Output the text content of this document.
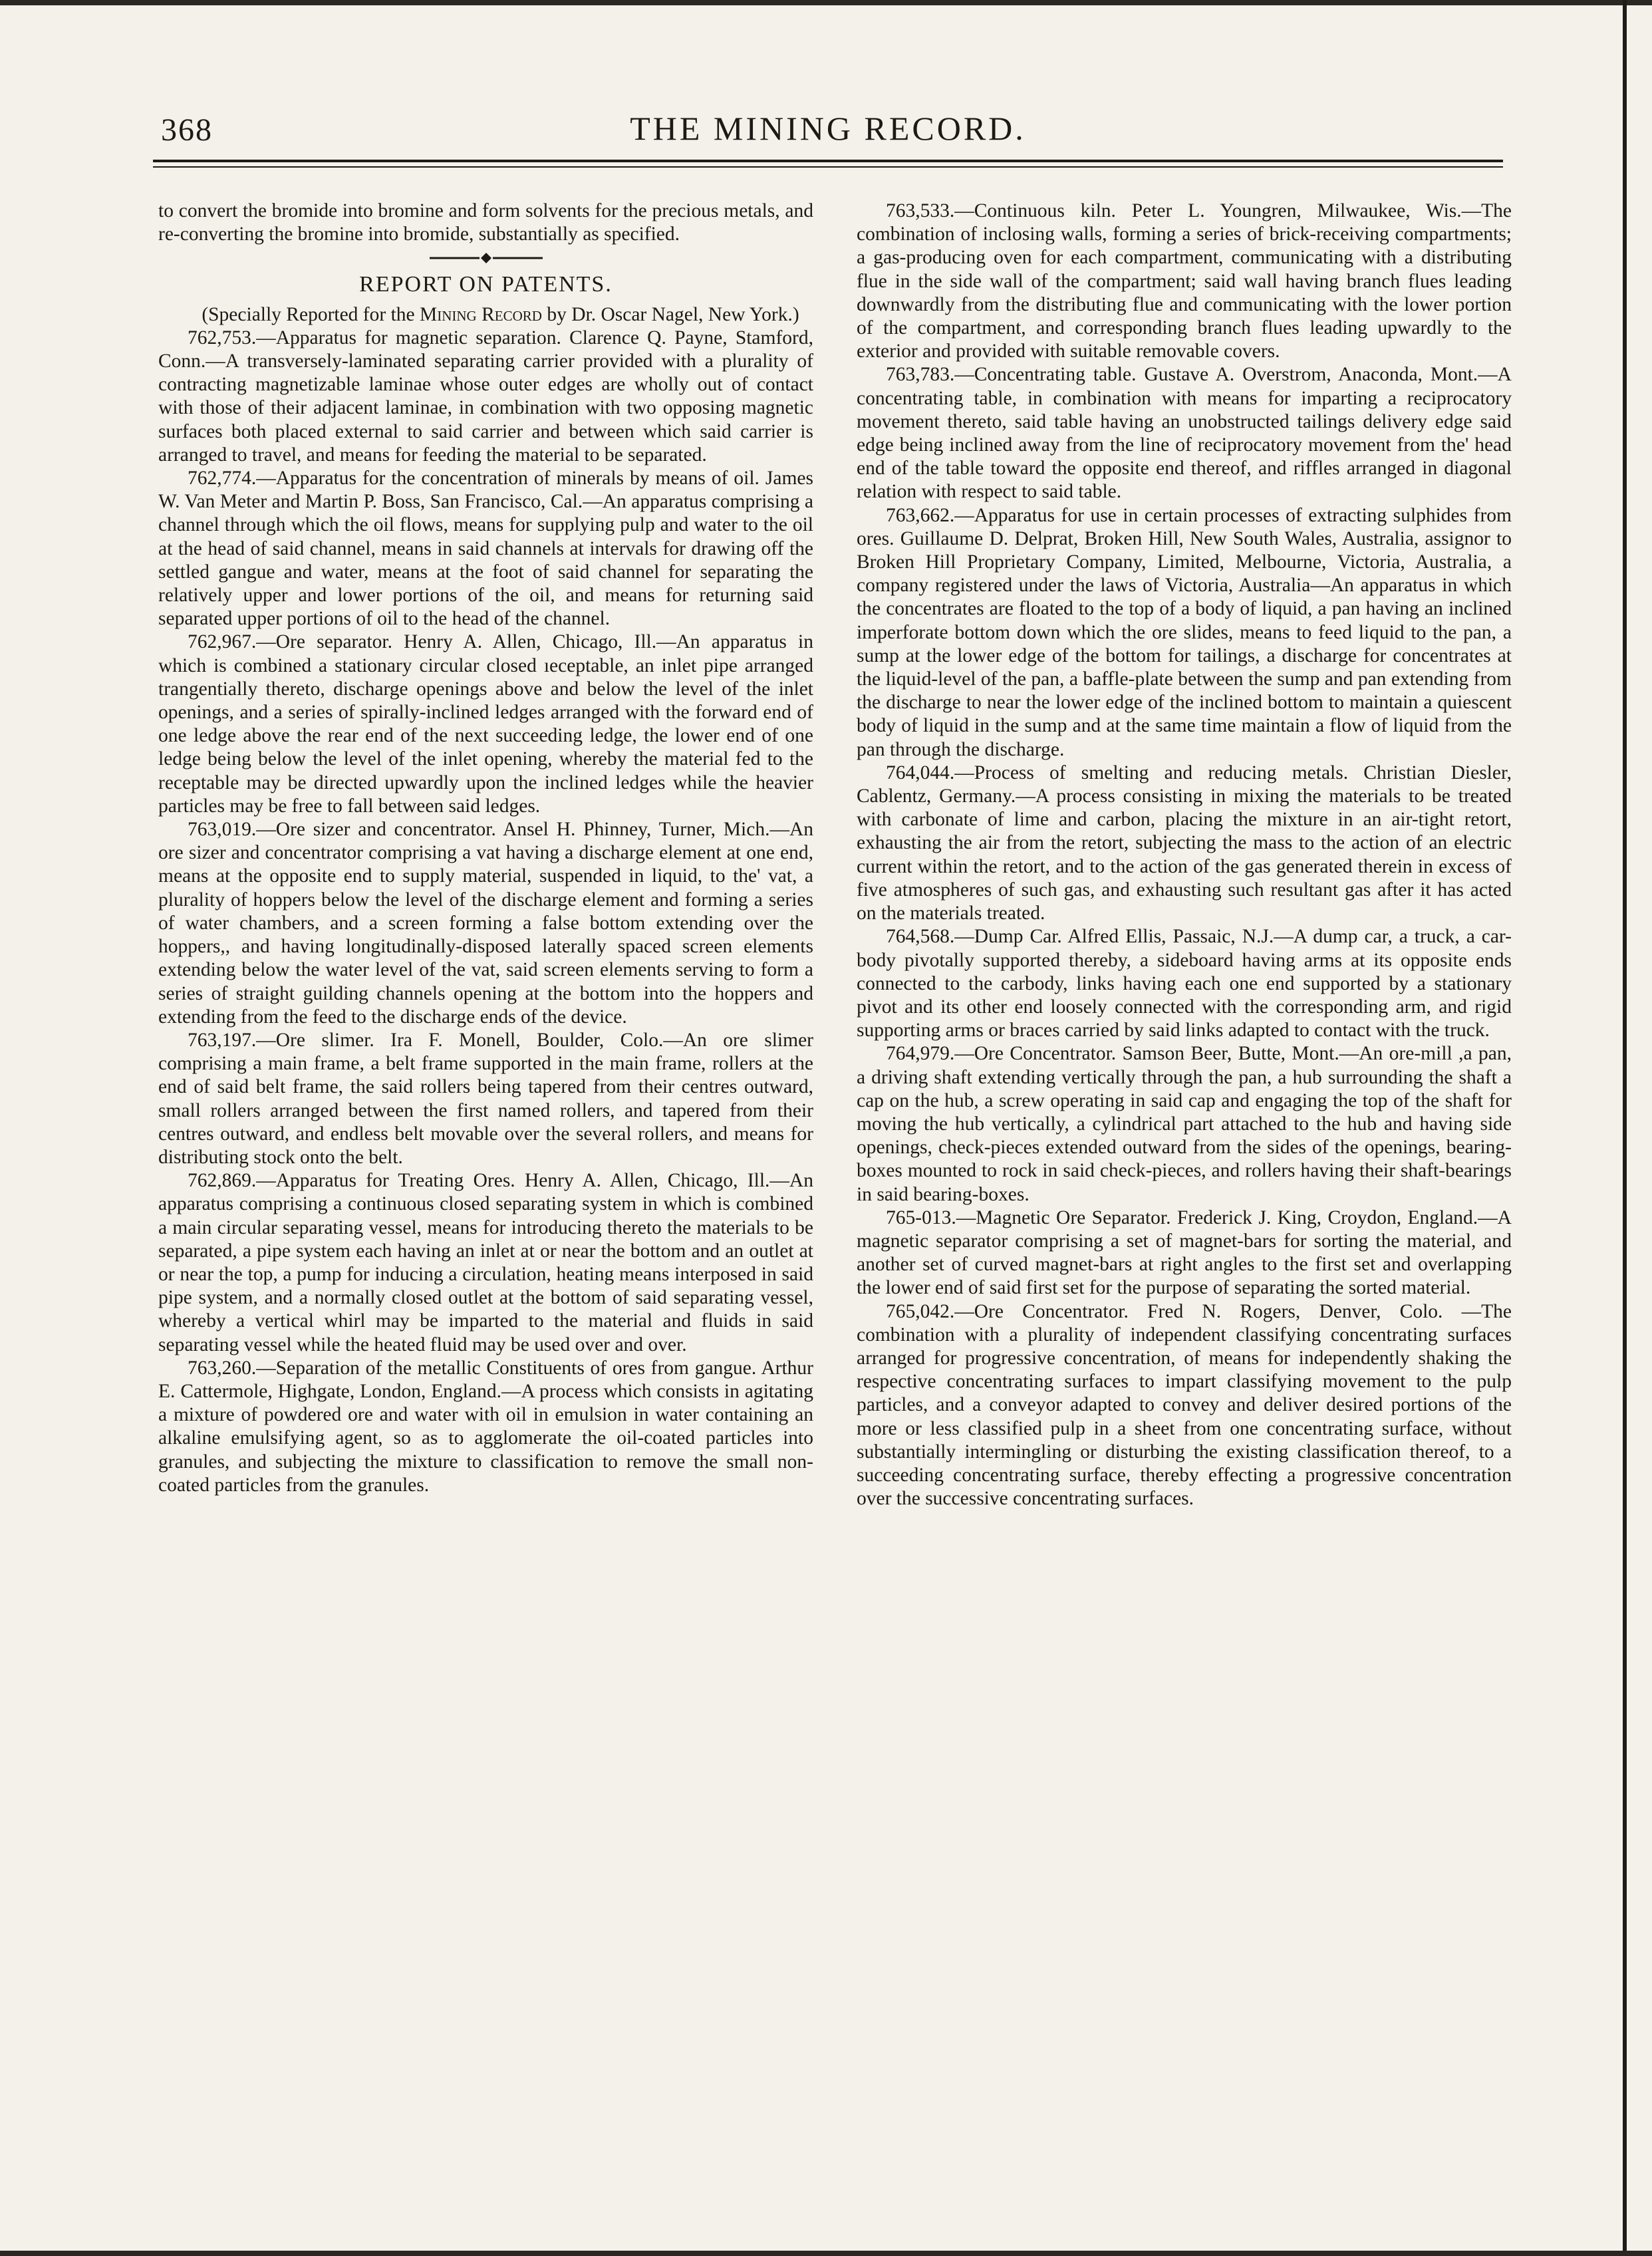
368	THE MINING RECORD.

to convert the bromide into bromine and form solvents for the precious metals, and re-converting the bromine into bromide, substantially as specified.

REPORT ON PATENTS.

(Specially Reported for the Mining Record by Dr. Oscar Nagel, New York.)

762,753.—Apparatus for magnetic separation. Clarence Q. Payne, Stamford, Conn.—A transversely-laminated separating carrier provided with a plurality of contracting magnetizable laminae whose outer edges are wholly out of contact with those of their adjacent laminae, in combination with two opposing magnetic surfaces both placed external to said carrier and between which said carrier is arranged to travel, and means for feeding the material to be separated.

762,774.—Apparatus for the concentration of minerals by means of oil. James W. Van Meter and Martin P. Boss, San Francisco, Cal.—An apparatus comprising a channel through which the oil flows, means for supplying pulp and water to the oil at the head of said channel, means in said channels at intervals for drawing off the settled gangue and water, means at the foot of said channel for separating the relatively upper and lower portions of the oil, and means for returning said separated upper portions of oil to the head of the channel.

762,967.—Ore separator. Henry A. Allen, Chicago, Ill.—An apparatus in which is combined a stationary circular closed ıeceptable, an inlet pipe arranged trangentially thereto, discharge openings above and below the level of the inlet openings, and a series of spirally-inclined ledges arranged with the forward end of one ledge above the rear end of the next succeeding ledge, the lower end of one ledge being below the level of the inlet opening, whereby the material fed to the receptable may be directed upwardly upon the inclined ledges while the heavier particles may be free to fall between said ledges.

763,019.—Ore sizer and concentrator. Ansel H. Phinney, Turner, Mich.—An ore sizer and concentrator comprising a vat having a discharge element at one end, means at the opposite end to supply material, suspended in liquid, to the' vat, a plurality of hoppers below the level of the discharge element and forming a series of water chambers, and a screen forming a false bottom extending over the hoppers,, and having longitudinally-disposed laterally spaced screen elements extending below the water level of the vat, said screen elements serving to form a series of straight guilding channels opening at the bottom into the hoppers and extending from the feed to the discharge ends of the device.

763,197.—Ore slimer. Ira F. Monell, Boulder, Colo.—An ore slimer comprising a main frame, a belt frame supported in the main frame, rollers at the end of said belt frame, the said rollers being tapered from their centres outward, small rollers arranged between the first named rollers, and tapered from their centres outward, and endless belt movable over the several rollers, and means for distributing stock onto the belt.

762,869.—Apparatus for Treating Ores. Henry A. Allen, Chicago, Ill.—An apparatus comprising a continuous closed separating system in which is combined a main circular separating vessel, means for introducing thereto the materials to be separated, a pipe system each having an inlet at or near the bottom and an outlet at or near the top, a pump for inducing a circulation, heating means interposed in said pipe system, and a normally closed outlet at the bottom of said separating vessel, whereby a vertical whirl may be imparted to the material and fluids in said separating vessel while the heated fluid may be used over and over.

763,260.—Separation of the metallic Constituents of ores from gangue. Arthur E. Cattermole, Highgate, London, England.—A process which consists in agitating a mixture of powdered ore and water with oil in emulsion in water containing an alkaline emulsifying agent, so as to agglomerate the oil-coated particles into granules, and subjecting the mixture to classification to remove the small non-coated particles from the granules.

763,533.—Continuous kiln. Peter L. Youngren, Milwaukee, Wis.—The combination of inclosing walls, forming a series of brick-receiving compartments; a gas-producing oven for each compartment, communicating with a distributing flue in the side wall of the compartment; said wall having branch flues leading downwardly from the distributing flue and communicating with the lower portion of the compartment, and corresponding branch flues leading upwardly to the exterior and provided with suitable removable covers.

763,783.—Concentrating table. Gustave A. Overstrom, Anaconda, Mont.—A concentrating table, in combination with means for imparting a reciprocatory movement thereto, said table having an unobstructed tailings delivery edge said edge being inclined away from the line of reciprocatory movement from the' head end of the table toward the opposite end thereof, and riffles arranged in diagonal relation with respect to said table.

763,662.—Apparatus for use in certain processes of extracting sulphides from ores. Guillaume D. Delprat, Broken Hill, New South Wales, Australia, assignor to Broken Hill Proprietary Company, Limited, Melbourne, Victoria, Australia, a company registered under the laws of Victoria, Australia—An apparatus in which the concentrates are floated to the top of a body of liquid, a pan having an inclined imperforate bottom down which the ore slides, means to feed liquid to the pan, a sump at the lower edge of the bottom for tailings, a discharge for concentrates at the liquid-level of the pan, a baffle-plate between the sump and pan extending from the discharge to near the lower edge of the inclined bottom to maintain a quiescent body of liquid in the sump and at the same time maintain a flow of liquid from the pan through the discharge.

764,044.—Process of smelting and reducing metals. Christian Diesler, Cablentz, Germany.—A process consisting in mixing the materials to be treated with carbonate of lime and carbon, placing the mixture in an air-tight retort, exhausting the air from the retort, subjecting the mass to the action of an electric current within the retort, and to the action of the gas generated therein in excess of five atmospheres of such gas, and exhausting such resultant gas after it has acted on the materials treated.

764,568.—Dump Car. Alfred Ellis, Passaic, N.J.—A dump car, a truck, a car-body pivotally supported thereby, a sideboard having arms at its opposite ends connected to the carbody, links having each one end supported by a stationary pivot and its other end loosely connected with the corresponding arm, and rigid supporting arms or braces carried by said links adapted to contact with the truck.

764,979.—Ore Concentrator. Samson Beer, Butte, Mont.—An ore-mill ,a pan, a driving shaft extending vertically through the pan, a hub surrounding the shaft a cap on the hub, a screw operating in said cap and engaging the top of the shaft for moving the hub vertically, a cylindrical part attached to the hub and having side openings, check-pieces extended outward from the sides of the openings, bearing-boxes mounted to rock in said check-pieces, and rollers having their shaft-bearings in said bearing-boxes.

765-013.—Magnetic Ore Separator. Frederick J. King, Croydon, England.—A magnetic separator comprising a set of magnet-bars for sorting the material, and another set of curved magnet-bars at right angles to the first set and overlapping the lower end of said first set for the purpose of separating the sorted material.

765,042.—Ore Concentrator. Fred N. Rogers, Denver, Colo. —The combination with a plurality of independent classifying concentrating surfaces arranged for progressive concentration, of means for independently shaking the respective concentrating surfaces to impart classifying movement to the pulp particles, and a conveyor adapted to convey and deliver desired portions of the more or less classified pulp in a sheet from one concentrating surface, without substantially intermingling or disturbing the existing classification thereof, to a succeeding concentrating surface, thereby effecting a progressive concentration over the successive concentrating surfaces.
